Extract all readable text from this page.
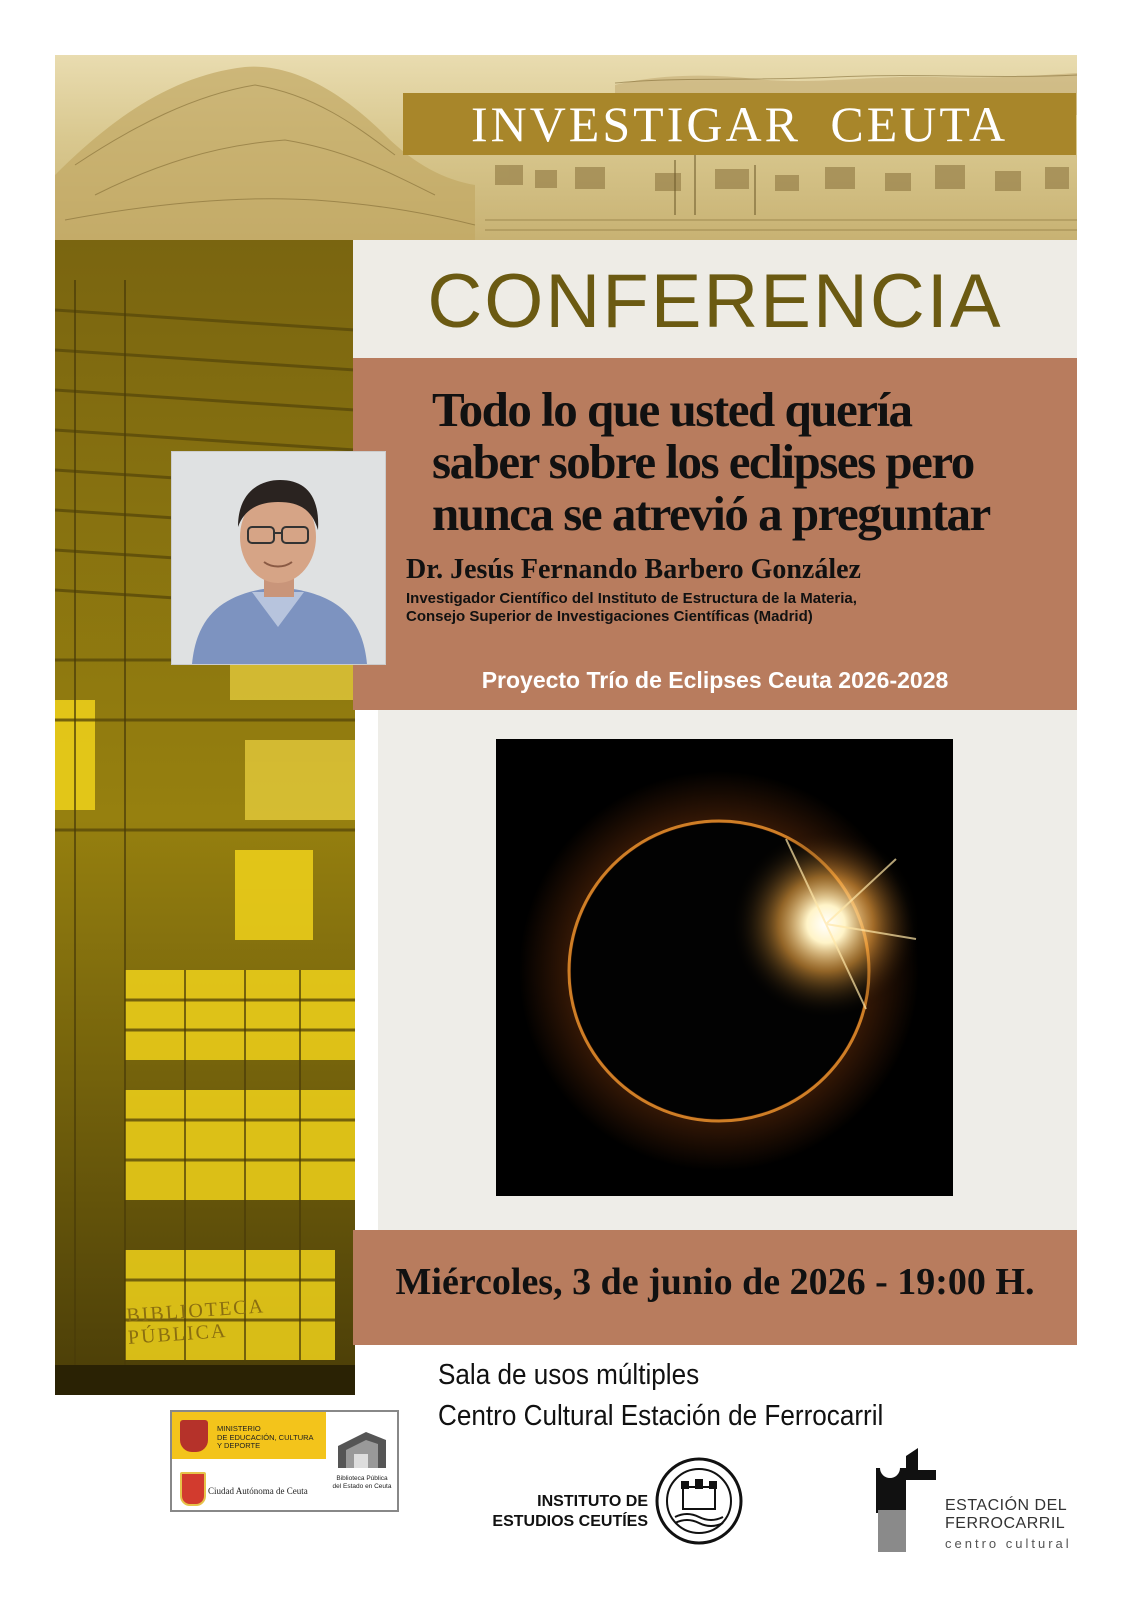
INVESTIGAR CEUTA
BIBLIOTECA PÚBLICA
CONFERENCIA
Todo lo que usted quería
saber sobre los eclipses pero
nunca se atrevió a preguntar
Dr. Jesús Fernando Barbero González
Investigador Científico del Instituto de Estructura de la Materia,
Consejo Superior de Investigaciones Científicas (Madrid)
Proyecto Trío de Eclipses Ceuta 2026-2028
Miércoles, 3 de junio de 2026 - 19:00 H.
Sala de usos múltiples
Centro Cultural Estación de Ferrocarril
MINISTERIO
DE EDUCACIÓN, CULTURA
Y DEPORTE
Ciudad Autónoma de Ceuta
Biblioteca Pública
del Estado en Ceuta
INSTITUTO DE
ESTUDIOS CEUTÍES
ESTACIÓN DEL
FERROCARRIL
centro cultural
